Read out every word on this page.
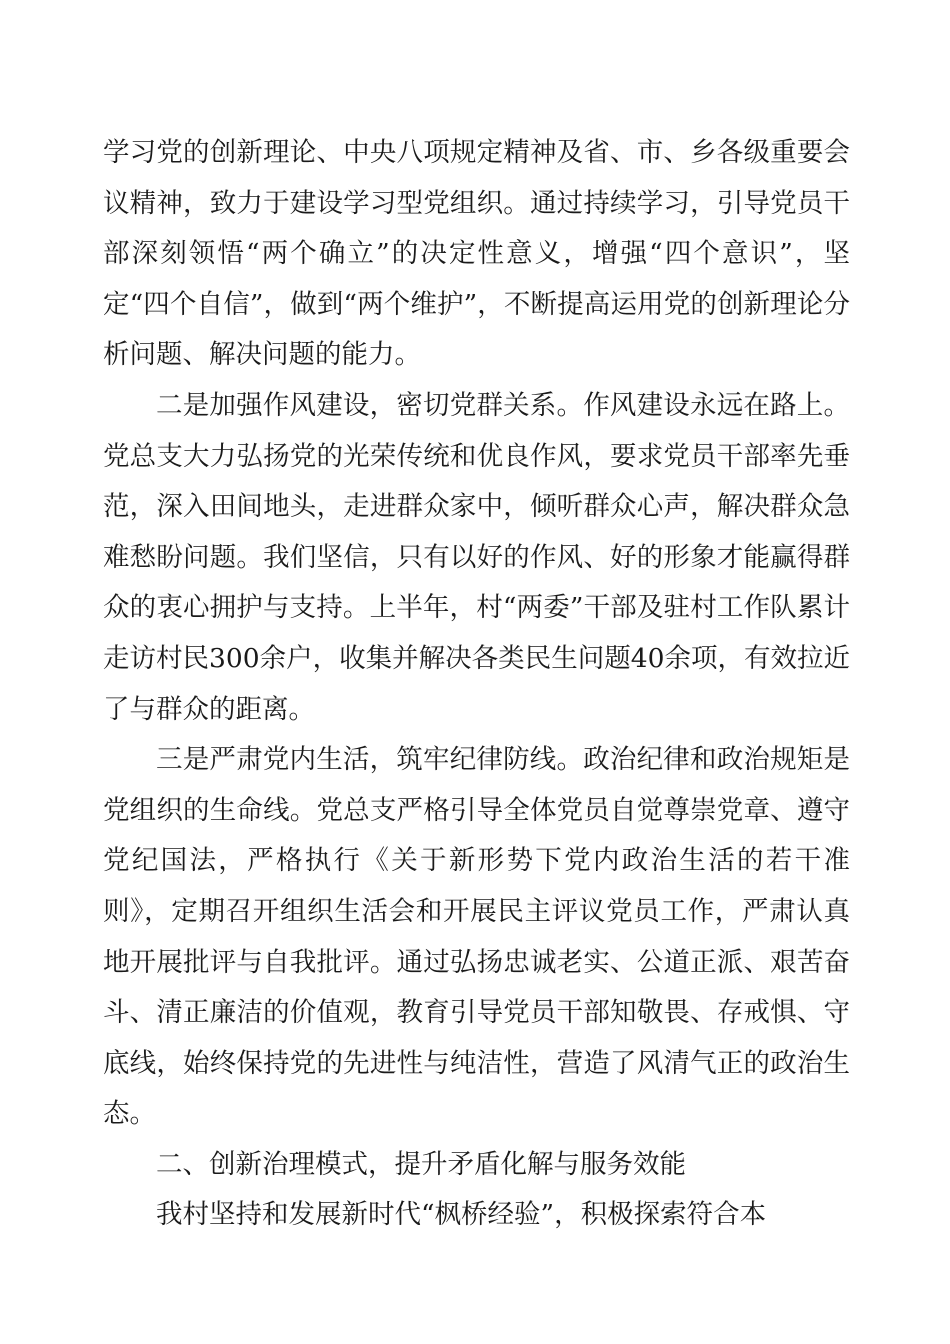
学习党的创新理论、中央八项规定精神及省、市、乡各级重要会议精神，致力于建设学习型党组织。通过持续学习，引导党员干部深刻领悟“两个确立”的决定性意义，增强“四个意识”，坚定“四个自信”，做到“两个维护”，不断提高运用党的创新理论分析问题、解决问题的能力。

二是加强作风建设，密切党群关系。作风建设永远在路上。党总支大力弘扬党的光荣传统和优良作风，要求党员干部率先垂范，深入田间地头，走进群众家中，倾听群众心声，解决群众急难愁盼问题。我们坚信，只有以好的作风、好的形象才能赢得群众的衷心拥护与支持。上半年，村“两委”干部及驻村工作队累计走访村民300余户，收集并解决各类民生问题40余项，有效拉近了与群众的距离。

三是严肃党内生活，筑牢纪律防线。政治纪律和政治规矩是党组织的生命线。党总支严格引导全体党员自觉尊崇党章、遵守党纪国法，严格执行《关于新形势下党内政治生活的若干准则》，定期召开组织生活会和开展民主评议党员工作，严肃认真地开展批评与自我批评。通过弘扬忠诚老实、公道正派、艰苦奋斗、清正廉洁的价值观，教育引导党员干部知敬畏、存戒惧、守底线，始终保持党的先进性与纯洁性，营造了风清气正的政治生态。

二、创新治理模式，提升矛盾化解与服务效能

我村坚持和发展新时代“枫桥经验”，积极探索符合本
